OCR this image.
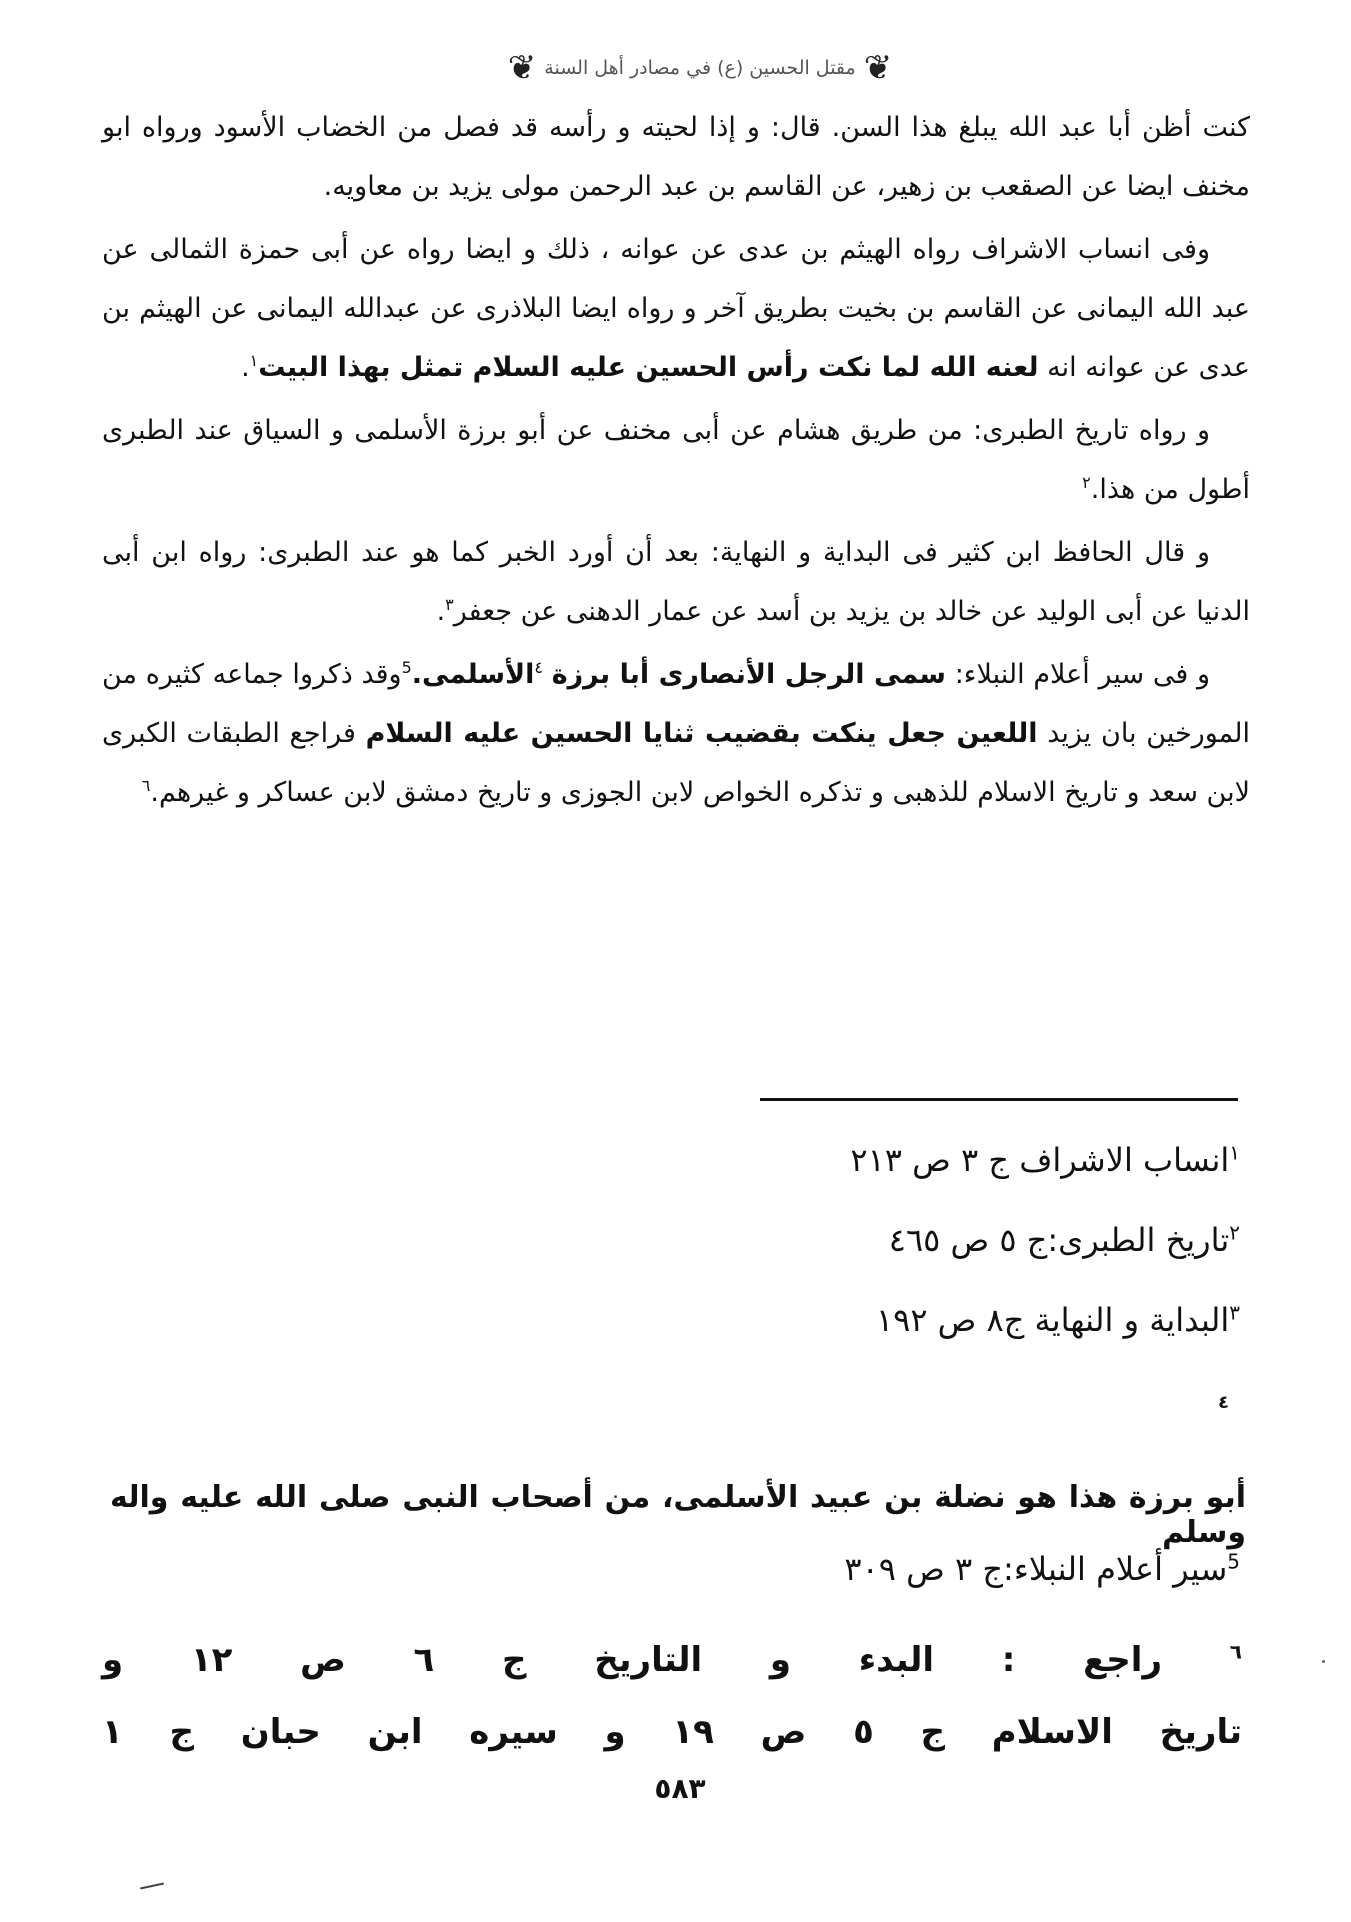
❦
مقتل الحسين (ع) في مصادر أهل السنة
❦

كنت أظن أبا عبد الله يبلغ هذا السن. قال: و إذا لحيته و رأسه قد فصل من الخضاب الأسود ورواه ابو مخنف ايضا عن الصقعب بن زهير، عن القاسم بن عبد الرحمن مولى يزيد بن معاويه.

وفى انساب الاشراف رواه الهيثم بن عدى عن عوانه ، ذلك و ايضا رواه عن أبى حمزة الثمالى عن عبد الله اليمانى عن القاسم بن بخيت بطريق آخر و رواه ايضا البلاذرى عن عبدالله اليمانى عن الهيثم بن عدى عن عوانه انه لعنه الله لما نكت رأس الحسين عليه السلام تمثل بهذا البيت$^١$.

و رواه تاريخ الطبرى: من طريق هشام عن أبى مخنف عن أبو برزة الأسلمى و السياق عند الطبرى أطول من هذا.$^٢$

و قال الحافظ ابن كثير فى البداية و النهاية: بعد أن أورد الخبر كما هو عند الطبرى: رواه ابن أبى الدنيا عن أبى الوليد عن خالد بن يزيد بن أسد عن عمار الدهنى عن جعفر$^٣$.

و فى سير أعلام النبلاء: سمى الرجل الأنصارى أبا برزة $^٤$الأسلمى.$^5$وقد ذكروا جماعه كثيره من المورخين بان يزيد اللعين جعل ينكت بقضيب ثنايا الحسين عليه السلام فراجع الطبقات الكبرى لابن سعد و تاريخ الاسلام للذهبى و تذكره الخواص لابن الجوزى و تاريخ دمشق لابن عساكر و غيرهم.$^٦$

$^١$انساب الاشراف ج ٣ ص ٢١٣
$^٢$تاريخ الطبرى:ج ٥ ص ٤٦٥
$^٣$البداية و النهاية ج٨ ص ١٩٢
٤
أبو برزة هذا هو نضلة بن عبيد الأسلمى، من أصحاب النبى صلى الله عليه واله وسلم
$^5$سير أعلام النبلاء:ج ٣ ص ٣٠٩
$^٦$ راجع : البدء و التاريخ ج ٦ ص ١٢ و
تاريخ الاسلام ج ٥ ص ١٩ و سيره ابن حبان ج ١
٥٨٣
